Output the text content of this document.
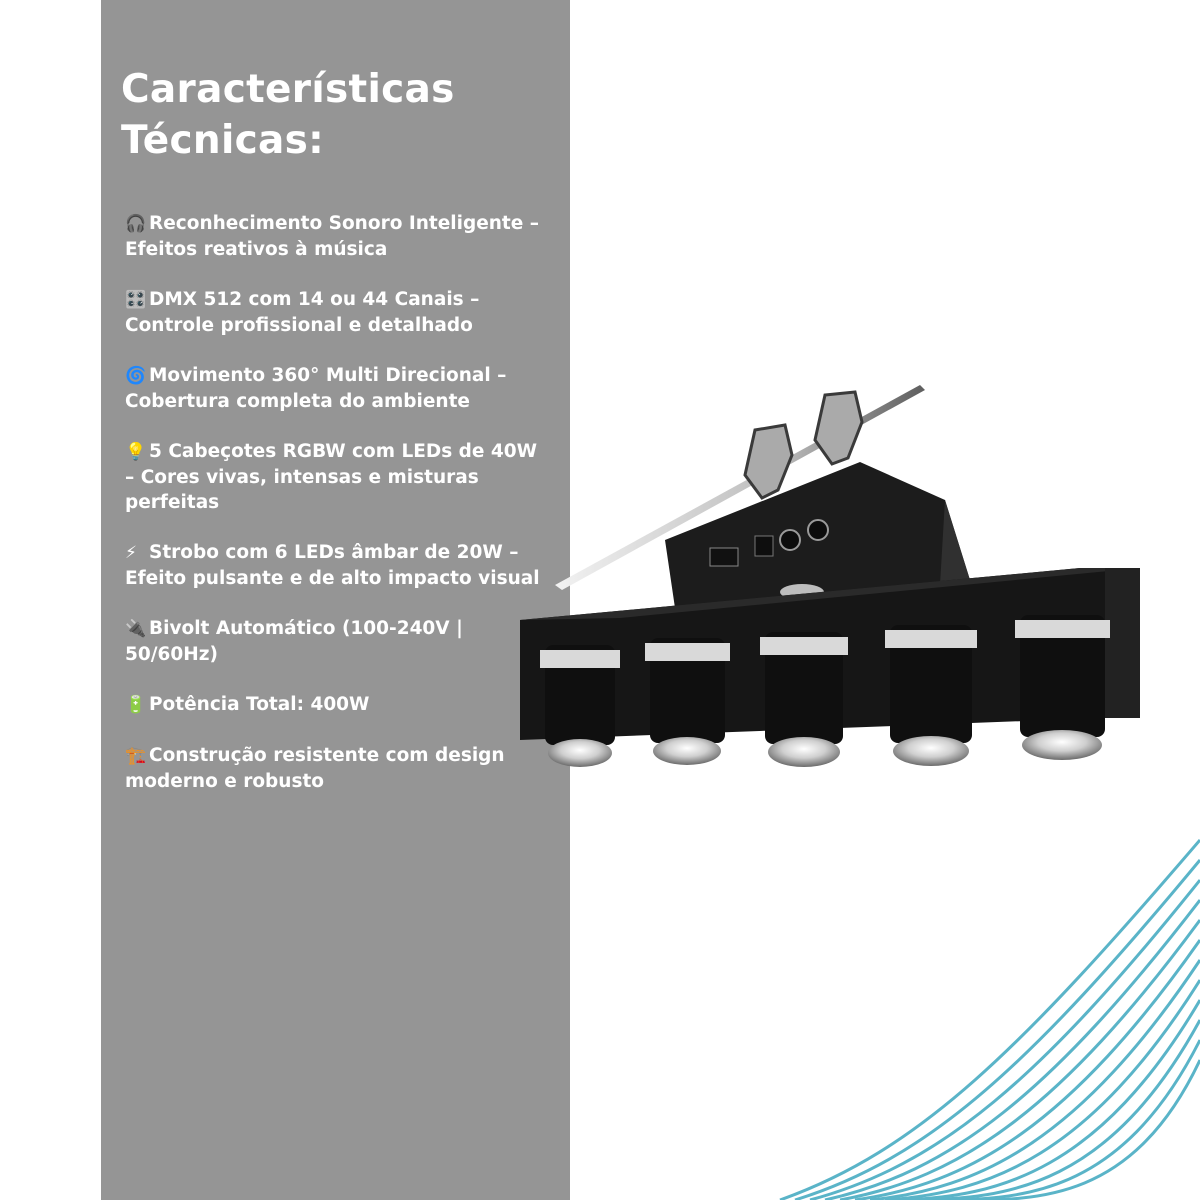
Características
Técnicas:
🎧 Reconhecimento Sonoro Inteligente – Efeitos reativos à música
🎛️ DMX 512 com 14 ou 44 Canais – Controle profissional e detalhado
🌀 Movimento 360° Multi Direcional – Cobertura completa do ambiente
💡 5 Cabeçotes RGBW com LEDs de 40W – Cores vivas, intensas e misturas perfeitas
⚡ Strobo com 6 LEDs âmbar de 20W – Efeito pulsante e de alto impacto visual
🔌 Bivolt Automático (100-240V | 50/60Hz)
🔋 Potência Total: 400W
🏗️ Construção resistente com design moderno e robusto
